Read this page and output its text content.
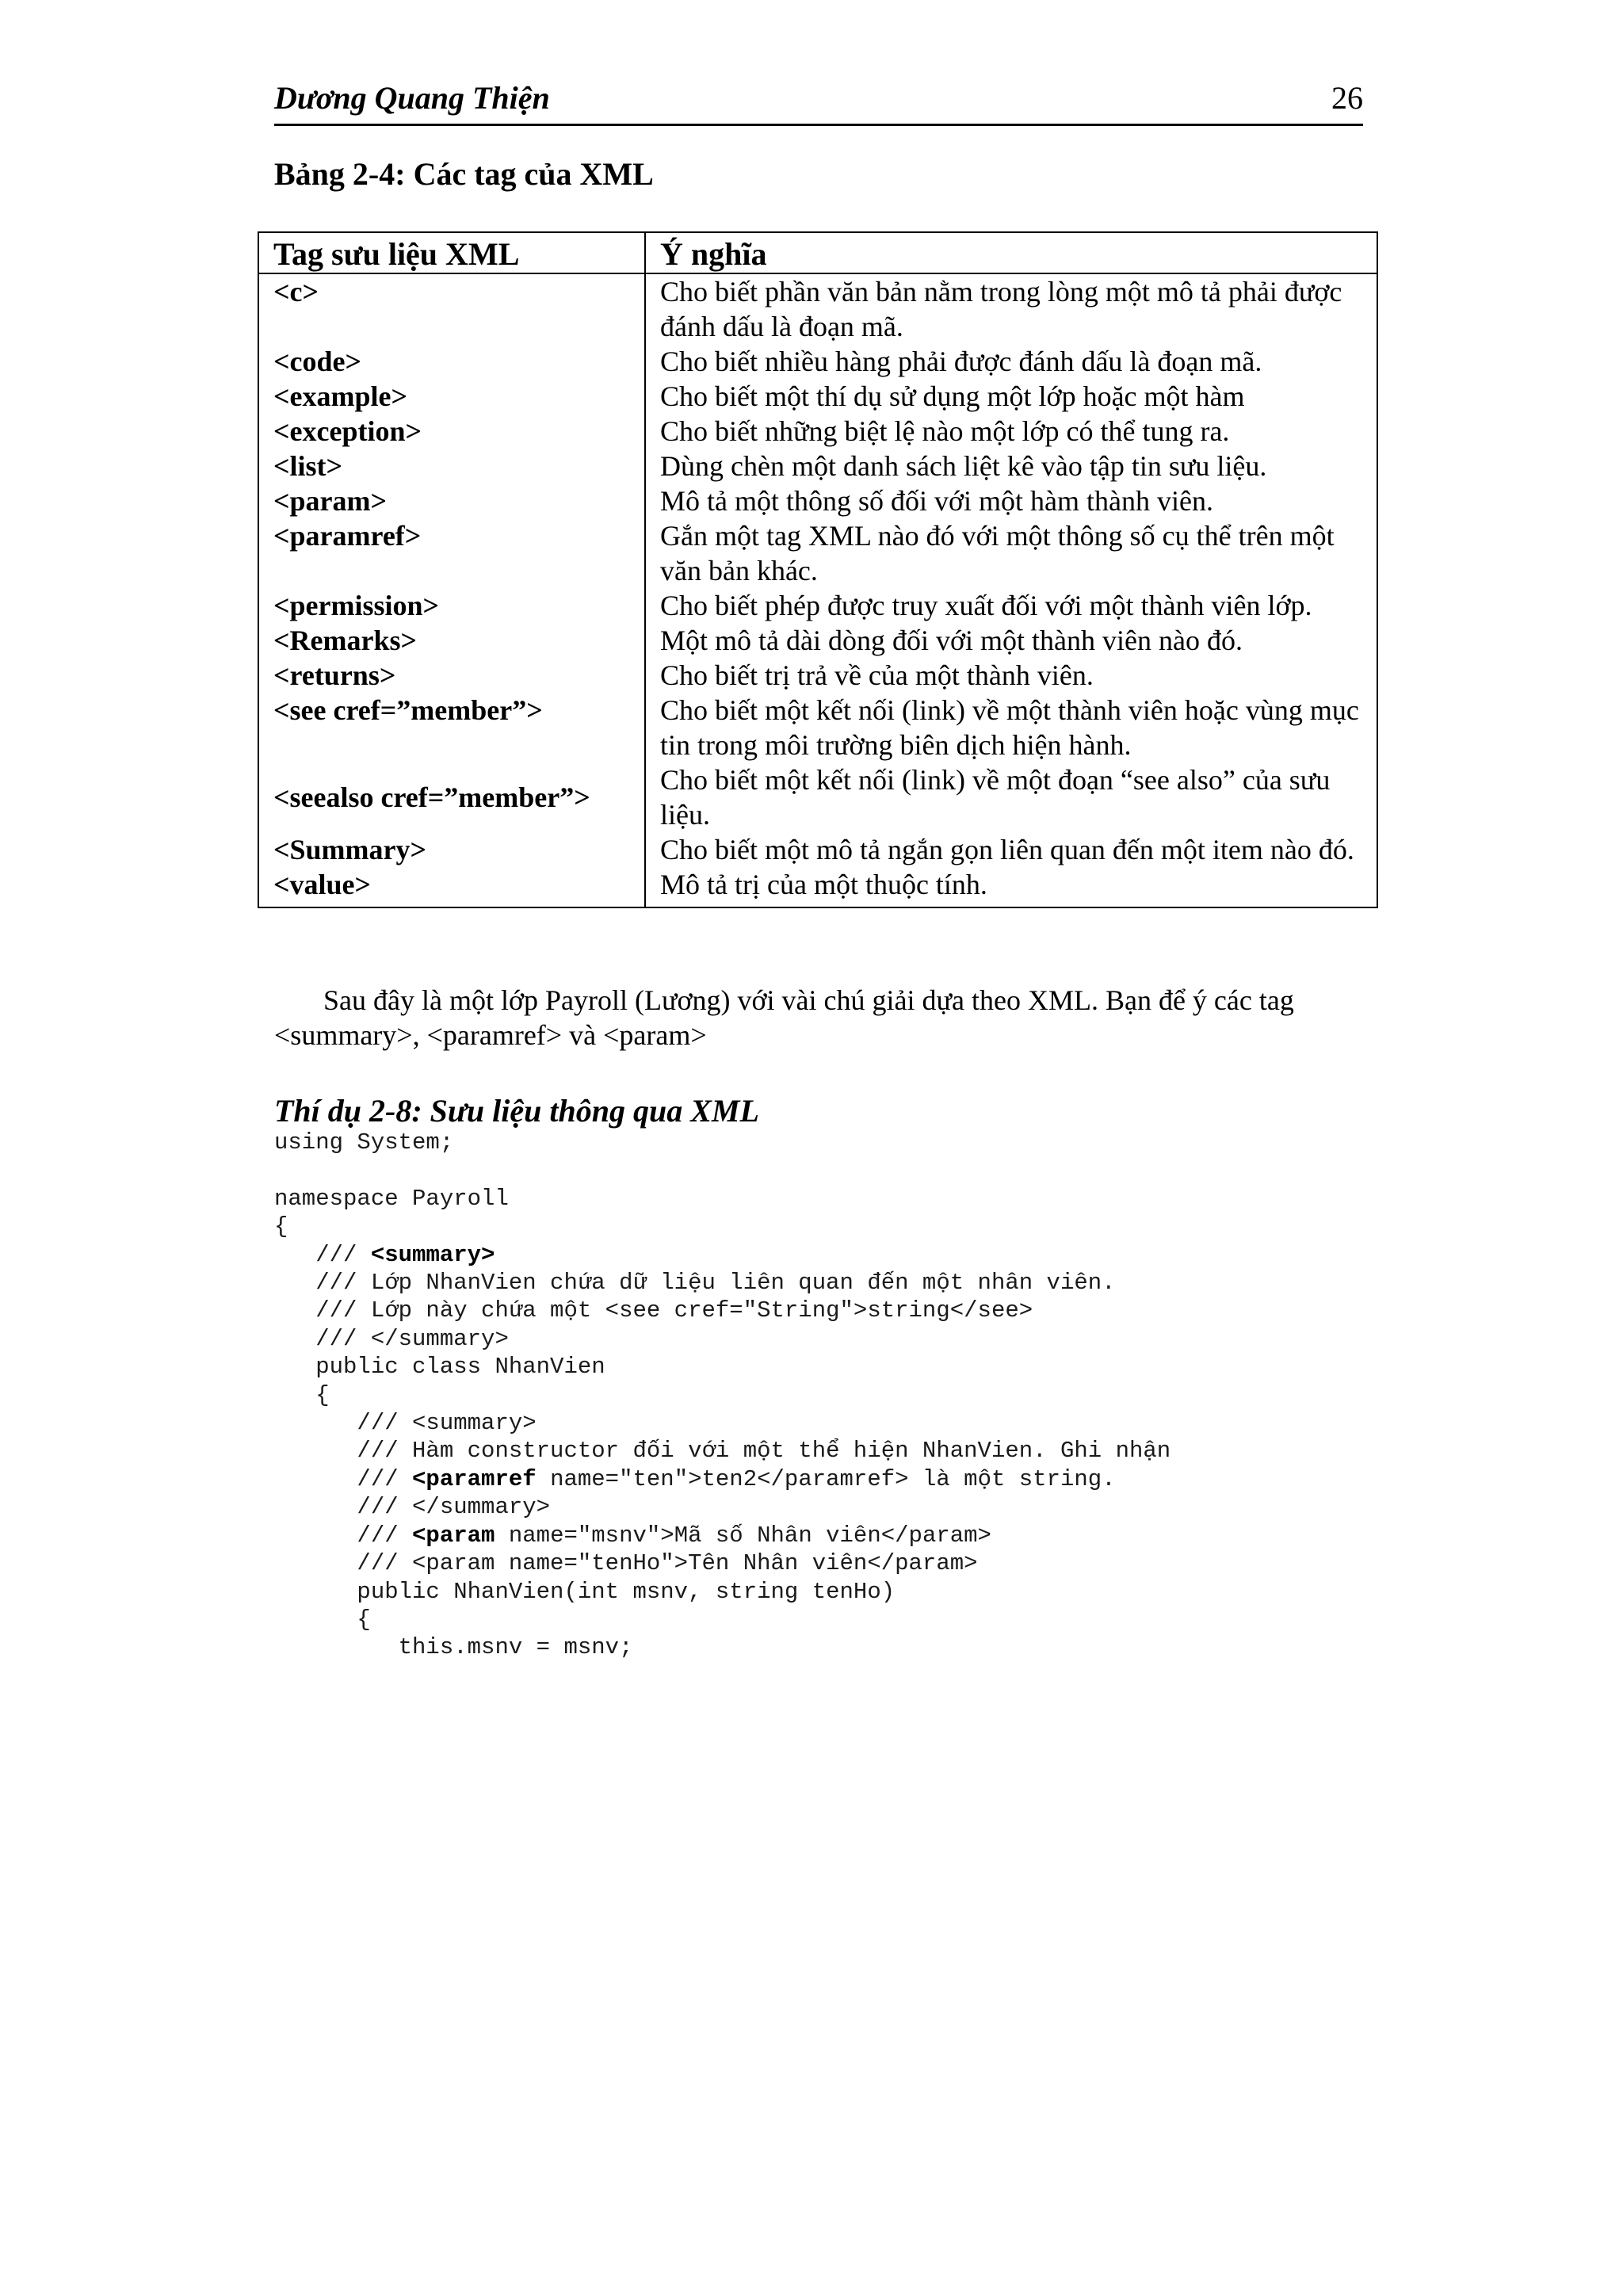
Dương Quang Thiện	26
Bảng 2-4: Các tag của XML
Tag sưu liệu XML	Ý nghĩa
<c>	Cho biết phần văn bản nằm trong lòng một mô tả phải được đánh dấu là đoạn mã.
<code>	Cho biết nhiều hàng phải được đánh dấu là đoạn mã.
<example>	Cho biết một thí dụ sử dụng một lớp hoặc một hàm
<exception>	Cho biết những biệt lệ nào một lớp có thể tung ra.
<list>	Dùng chèn một danh sách liệt kê vào tập tin sưu liệu.
<param>	Mô tả một thông số đối với một hàm thành viên.
<paramref>	Gắn một tag XML nào đó với một thông số cụ thể trên một văn bản khác.
<permission>	Cho biết phép được truy xuất đối với một thành viên lớp.
<Remarks>	Một mô tả dài dòng đối với một thành viên nào đó.
<returns>	Cho biết trị trả về của một thành viên.
<see cref=”member”>	Cho biết một kết nối (link) về một thành viên hoặc vùng mục tin trong môi trường biên dịch hiện hành.
<seealso cref=”member”>	Cho biết một kết nối (link) về một đoạn “see also” của sưu liệu.
<Summary>	Cho biết một mô tả ngắn gọn liên quan đến một item nào đó.
<value>	Mô tả trị của một thuộc tính.
Sau đây là một lớp Payroll (Lương) với vài chú giải dựa theo XML. Bạn để ý các tag <summary>, <paramref> và <param>
Thí dụ 2-8: Sưu liệu thông qua XML
using System;

namespace Payroll
{
/// <summary>
/// Lớp NhanVien chứa dữ liệu liên quan đến một nhân viên.
/// Lớp này chứa một <see cref="String">string</see>
/// </summary>
public class NhanVien
{
/// <summary>
/// Hàm constructor đối với một thể hiện NhanVien. Ghi nhận
/// <paramref name="ten">ten2</paramref> là một string.
/// </summary>
/// <param name="msnv">Mã số Nhân viên</param>
/// <param name="tenHo">Tên Nhân viên</param>
public NhanVien(int msnv, string tenHo)
{
this.msnv = msnv;
